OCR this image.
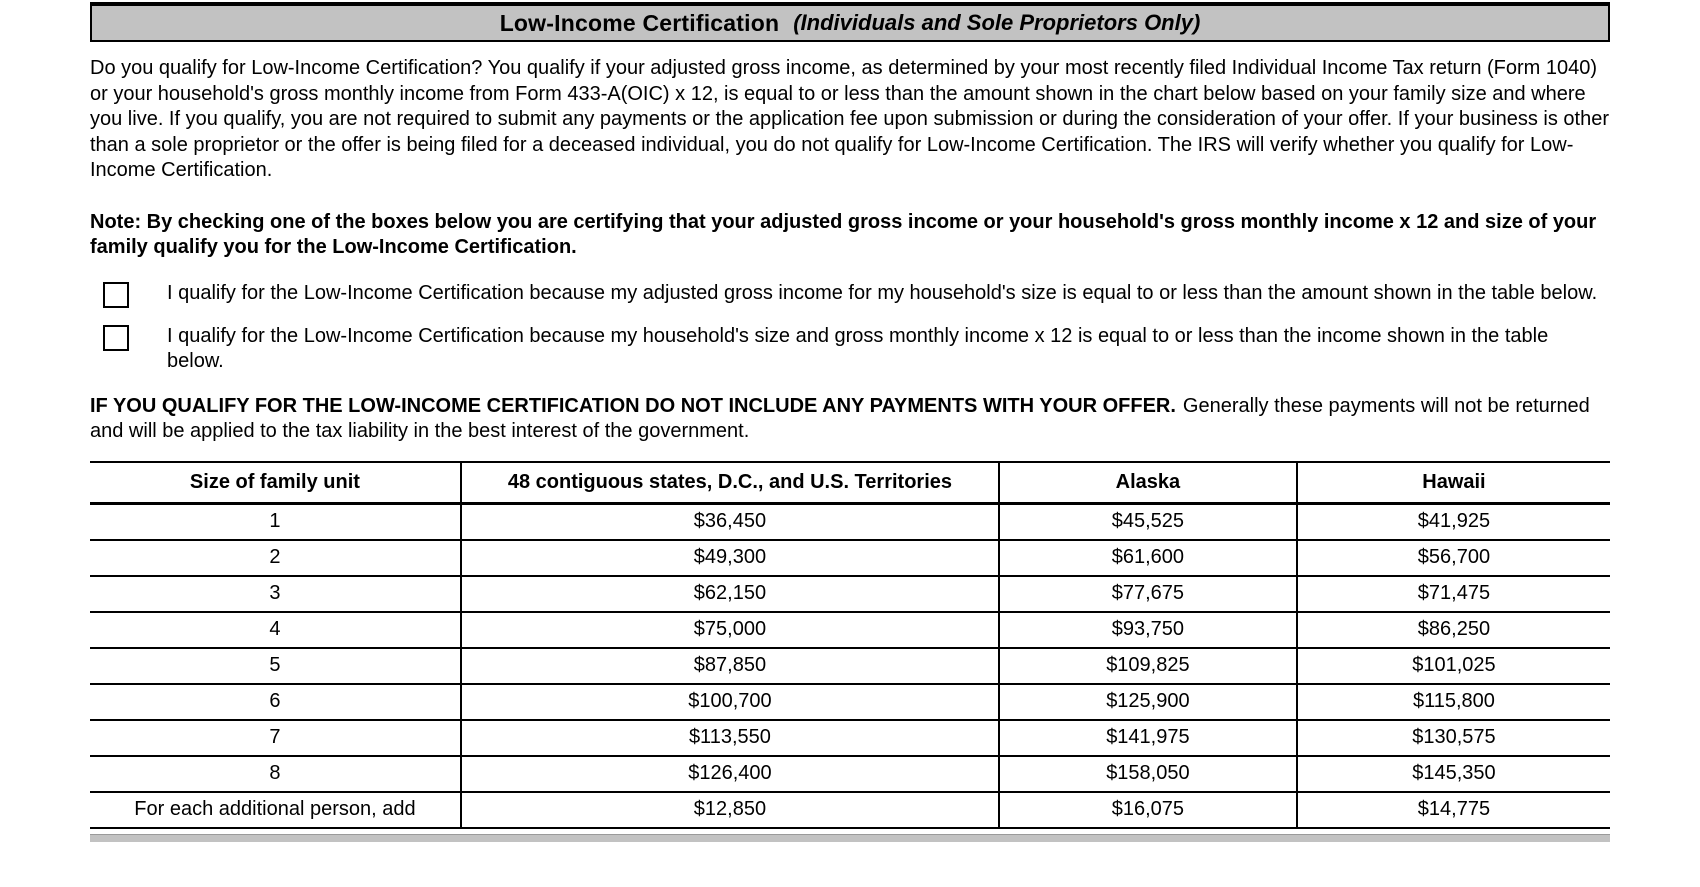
Low-Income Certification (Individuals and Sole Proprietors Only)

Do you qualify for Low-Income Certification? You qualify if your adjusted gross income, as determined by your most recently filed Individual Income Tax return (Form 1040) or your household's gross monthly income from Form 433-A(OIC) x 12, is equal to or less than the amount shown in the chart below based on your family size and where you live. If you qualify, you are not required to submit any payments or the application fee upon submission or during the consideration of your offer. If your business is other than a sole proprietor or the offer is being filed for a deceased individual, you do not qualify for Low-Income Certification. The IRS will verify whether you qualify for Low-Income Certification.

Note: By checking one of the boxes below you are certifying that your adjusted gross income or your household's gross monthly income x 12 and size of your family qualify you for the Low-Income Certification.

I qualify for the Low-Income Certification because my adjusted gross income for my household's size is equal to or less than the amount shown in the table below.
I qualify for the Low-Income Certification because my household's size and gross monthly income x 12 is equal to or less than the income shown in the table below.

IF YOU QUALIFY FOR THE LOW-INCOME CERTIFICATION DO NOT INCLUDE ANY PAYMENTS WITH YOUR OFFER. Generally these payments will not be returned and will be applied to the tax liability in the best interest of the government.

Size of family unit	48 contiguous states, D.C., and U.S. Territories	Alaska	Hawaii
1	$36,450	$45,525	$41,925
2	$49,300	$61,600	$56,700
3	$62,150	$77,675	$71,475
4	$75,000	$93,750	$86,250
5	$87,850	$109,825	$101,025
6	$100,700	$125,900	$115,800
7	$113,550	$141,975	$130,575
8	$126,400	$158,050	$145,350
For each additional person, add	$12,850	$16,075	$14,775
